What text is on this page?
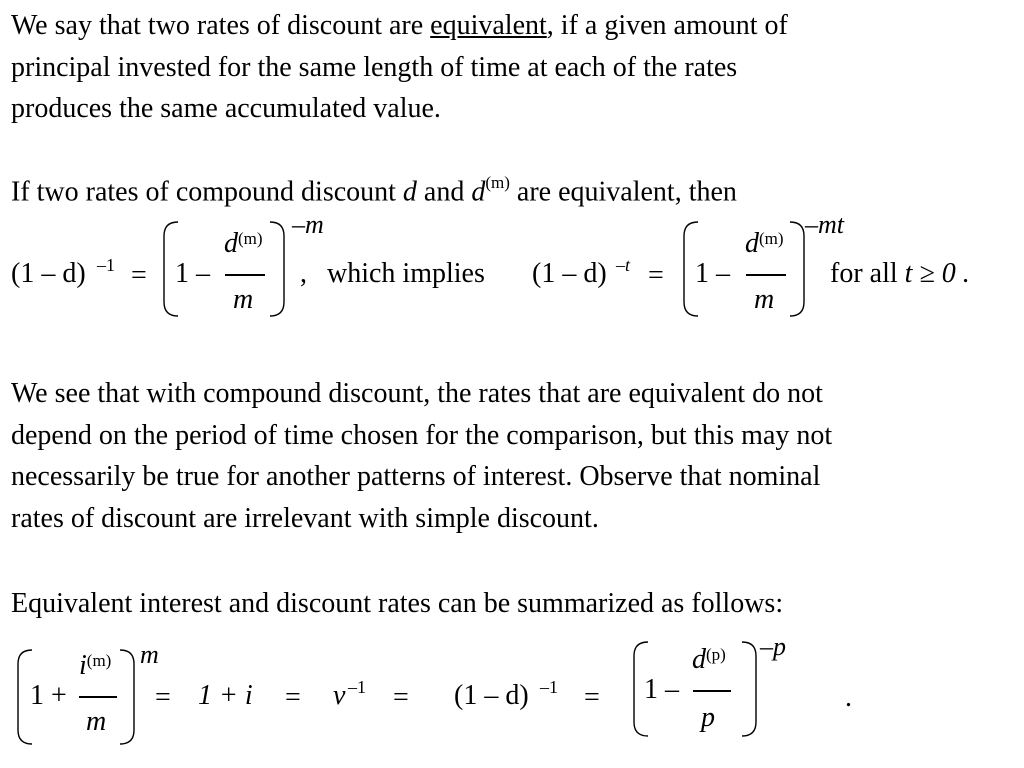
We say that two rates of discount are equivalent, if a given amount of
principal invested for the same length of time at each of the rates
produces the same accumulated value.
If two rates of compound discount d and $d^{(m)}$ are equivalent, then
(1 – d) –1 = 1 –
$d^{(m)}$
m
–m
, which implies (1 – d) –t = 1 –
$d^{(m)}$
m
–mt
for all t ≥ 0 .
We see that with compound discount, the rates that are equivalent do not
depend on the period of time chosen for the comparison, but this may not
necessarily be true for another patterns of interest. Observe that nominal
rates of discount are irrelevant with simple discount.
Equivalent interest and discount rates can be summarized as follows:
1 +
$i^{(m)}$
m
m
= 1 + i = v –1 = (1 – d) –1 = 1 –
$d^{(p)}$
p
–p
.
